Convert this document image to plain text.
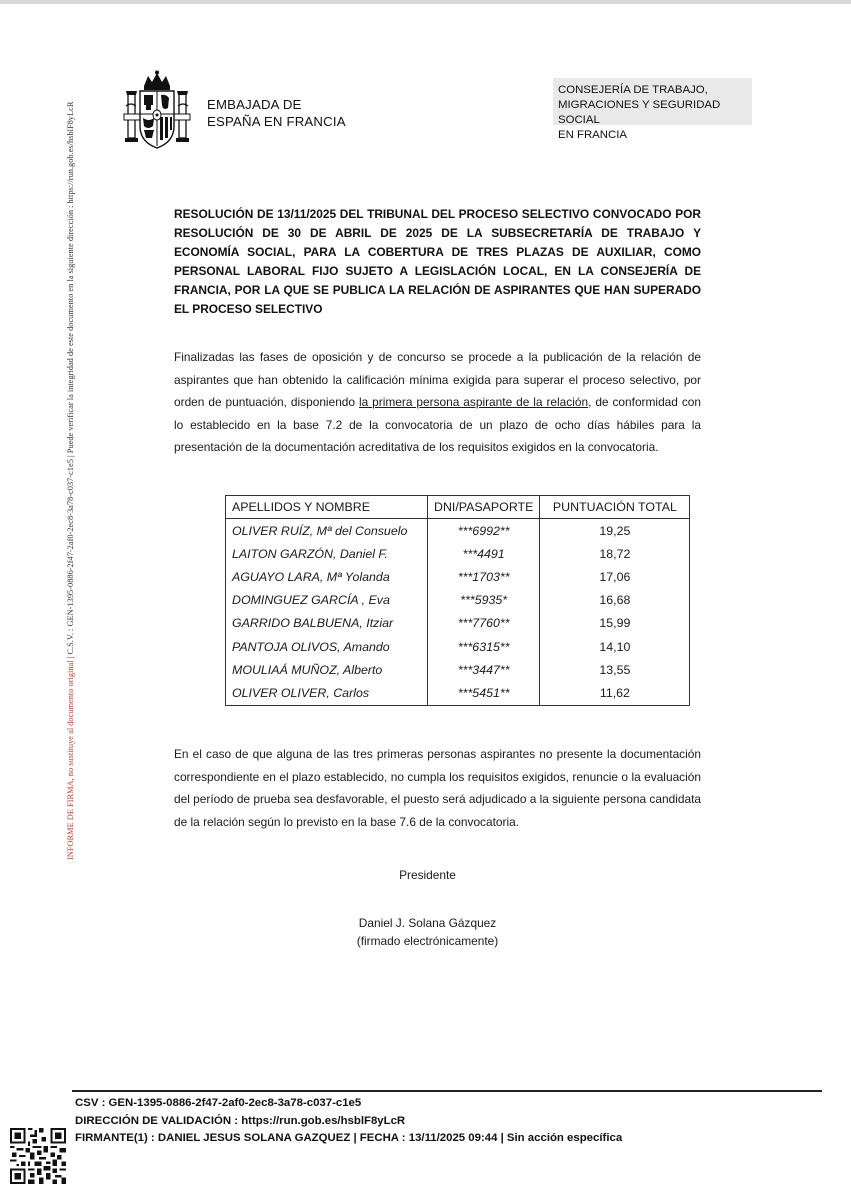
INFORME DE FIRMA, no sustituye al documento original | C.S.V. : GEN-1395-0886-2f47-2af0-2ec8-3a78-c037-c1e5 | Puede verificar la integridad de este documento en la siguiente dirección : https://run.gob.es/hsblF8yLcR	EMBAJADA DE
ESPAÑA EN FRANCIA
CONSEJERÍA DE TRABAJO,
MIGRACIONES Y SEGURIDAD SOCIAL
EN FRANCIA
RESOLUCIÓN DE 13/11/2025 DEL TRIBUNAL DEL PROCESO SELECTIVO CONVOCADO POR RESOLUCIÓN DE 30 DE ABRIL DE 2025 DE LA SUBSECRETARÍA DE TRABAJO Y ECONOMÍA SOCIAL, PARA LA COBERTURA DE TRES PLAZAS DE AUXILIAR, COMO PERSONAL LABORAL FIJO SUJETO A LEGISLACIÓN LOCAL, EN LA CONSEJERÍA DE FRANCIA, POR LA QUE SE PUBLICA LA RELACIÓN DE ASPIRANTES QUE HAN SUPERADO EL PROCESO SELECTIVO
Finalizadas las fases de oposición y de concurso se procede a la publicación de la relación de aspirantes que han obtenido la calificación mínima exigida para superar el proceso selectivo, por orden de puntuación, disponiendo la primera persona aspirante de la relación, de conformidad con lo establecido en la base 7.2 de la convocatoria de un plazo de ocho días hábiles para la presentación de la documentación acreditativa de los requisitos exigidos en la convocatoria.
APELLIDOS Y NOMBRE	DNI/PASAPORTE	PUNTUACIÓN TOTAL
OLIVER RUÍZ, Mª del Consuelo	***6992**	19,25
LAITON GARZÓN, Daniel F.	***4491	18,72
AGUAYO LARA, Mª Yolanda	***1703**	17,06
DOMINGUEZ GARCÍA , Eva	***5935*	16,68
GARRIDO BALBUENA, Itziar	***7760**	15,99
PANTOJA OLIVOS, Amando	***6315**	14,10
MOULIAÁ MUÑOZ, Alberto	***3447**	13,55
OLIVER OLIVER, Carlos	***5451**	11,62
En el caso de que alguna de las tres primeras personas aspirantes no presente la documentación correspondiente en el plazo establecido, no cumpla los requisitos exigidos, renuncie o la evaluación del período de prueba sea desfavorable, el puesto será adjudicado a la siguiente persona candidata de la relación según lo previsto en la base 7.6 de la convocatoria.
Presidente
Daniel J. Solana Gázquez
(firmado electrónicamente)
CSV : GEN-1395-0886-2f47-2af0-2ec8-3a78-c037-c1e5
DIRECCIÓN DE VALIDACIÓN : https://run.gob.es/hsblF8yLcR
FIRMANTE(1) : DANIEL JESUS SOLANA GAZQUEZ | FECHA : 13/11/2025 09:44 | Sin acción específica
